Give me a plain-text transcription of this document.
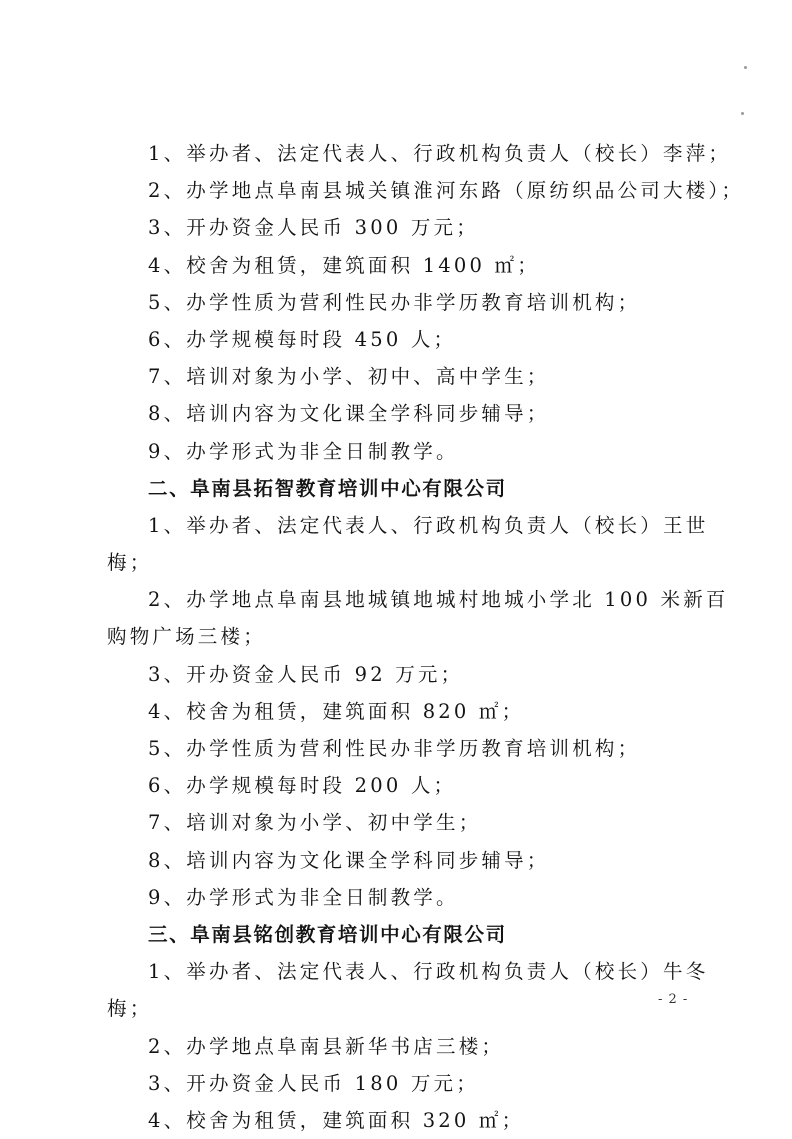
1、举办者、法定代表人、行政机构负责人（校长）李萍；
2、办学地点阜南县城关镇淮河东路（原纺织品公司大楼）；
3、开办资金人民币 300 万元；
4、校舍为租赁，建筑面积 1400 ㎡；
5、办学性质为营利性民办非学历教育培训机构；
6、办学规模每时段 450 人；
7、培训对象为小学、初中、高中学生；
8、培训内容为文化课全学科同步辅导；
9、办学形式为非全日制教学。
二、阜南县拓智教育培训中心有限公司
1、举办者、法定代表人、行政机构负责人（校长）王世
梅；
2、办学地点阜南县地城镇地城村地城小学北 100 米新百
购物广场三楼；
3、开办资金人民币 92 万元；
4、校舍为租赁，建筑面积 820 ㎡；
5、办学性质为营利性民办非学历教育培训机构；
6、办学规模每时段 200 人；
7、培训对象为小学、初中学生；
8、培训内容为文化课全学科同步辅导；
9、办学形式为非全日制教学。
三、阜南县铭创教育培训中心有限公司
1、举办者、法定代表人、行政机构负责人（校长）牛冬
梅；
2、办学地点阜南县新华书店三楼；
3、开办资金人民币 180 万元；
4、校舍为租赁，建筑面积 320 ㎡；
- 2 -
